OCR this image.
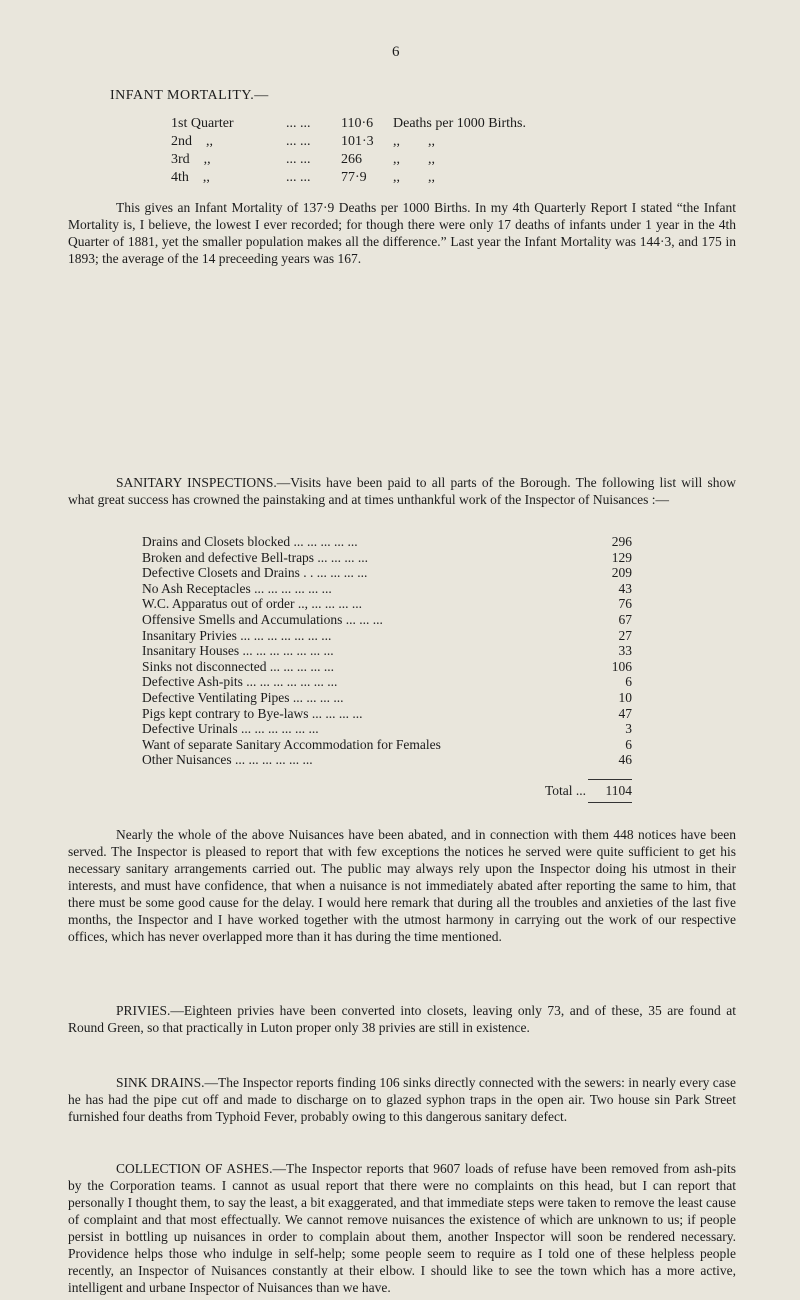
6
INFANT MORTALITY.—
1st Quarter	... ...	110·6	Deaths per 1000 Births.
2nd    ,,	... ...	101·3	,,        ,,
3rd    ,,	... ...	266	,,        ,,
4th    ,,	... ...	77·9	,,        ,,

This gives an Infant Mortality of 137·9 Deaths per 1000 Births. In my 4th Quarterly Report I stated “the Infant Mortality is, I believe, the lowest I ever recorded; for though there were only 17 deaths of infants under 1 year in the 4th Quarter of 1881, yet the smaller population makes all the difference.” Last year the Infant Mortality was 144·3, and 175 in 1893; the average of the 14 preceeding years was 167.

SANITARY INSPECTIONS.—Visits have been paid to all parts of the Borough. The following list will show what great success has crowned the painstaking and at times unthankful work of the Inspector of Nuisances :—

Drains and Closets blocked ... ... ... ... ...	296
Broken and defective Bell-traps ... ... ... ...	129
Defective Closets and Drains . . ... ... ... ...	209
No Ash Receptacles ... ... ... ... ... ...	43
W.C. Apparatus out of order .., ... ... ... ...	76
Offensive Smells and Accumulations ... ... ...	67
Insanitary Privies ... ... ... ... ... ... ...	27
Insanitary Houses ... ... ... ... ... ... ...	33
Sinks not disconnected ... ... ... ... ...	106
Defective Ash-pits ... ... ... ... ... ... ...	6
Defective Ventilating Pipes ... ... ... ...	10
Pigs kept contrary to Bye-laws ... ... ... ...	47
Defective Urinals ... ... ... ... ... ...	3
Want of separate Sanitary Accommodation for Females	6
Other Nuisances ... ... ... ... ... ...	46
Total ...	1104

Nearly the whole of the above Nuisances have been abated, and in connection with them 448 notices have been served. The Inspector is pleased to report that with few exceptions the notices he served were quite sufficient to get his necessary sanitary arrangements carried out. The public may always rely upon the Inspector doing his utmost in their interests, and must have confidence, that when a nuisance is not immediately abated after reporting the same to him, that there must be some good cause for the delay. I would here remark that during all the troubles and anxieties of the last five months, the Inspector and I have worked together with the utmost harmony in carrying out the work of our respective offices, which has never overlapped more than it has during the time mentioned.

PRIVIES.—Eighteen privies have been converted into closets, leaving only 73, and of these, 35 are found at Round Green, so that practically in Luton proper only 38 privies are still in existence.

SINK DRAINS.—The Inspector reports finding 106 sinks directly connected with the sewers: in nearly every case he has had the pipe cut off and made to discharge on to glazed syphon traps in the open air. Two house sin Park Street furnished four deaths from Typhoid Fever, probably owing to this dangerous sanitary defect.

COLLECTION OF ASHES.—The Inspector reports that 9607 loads of refuse have been removed from ash-pits by the Corporation teams. I cannot as usual report that there were no complaints on this head, but I can report that personally I thought them, to say the least, a bit exaggerated, and that immediate steps were taken to remove the least cause of complaint and that most effectually. We cannot remove nuisances the existence of which are unknown to us; if people persist in bottling up nuisances in order to complain about them, another Inspector will soon be rendered necessary. Providence helps those who indulge in self-help; some people seem to require as I told one of these helpless people recently, an Inspector of Nuisances constantly at their elbow. I should like to see the town which has a more active, intelligent and urbane Inspector of Nuisances than we have.
